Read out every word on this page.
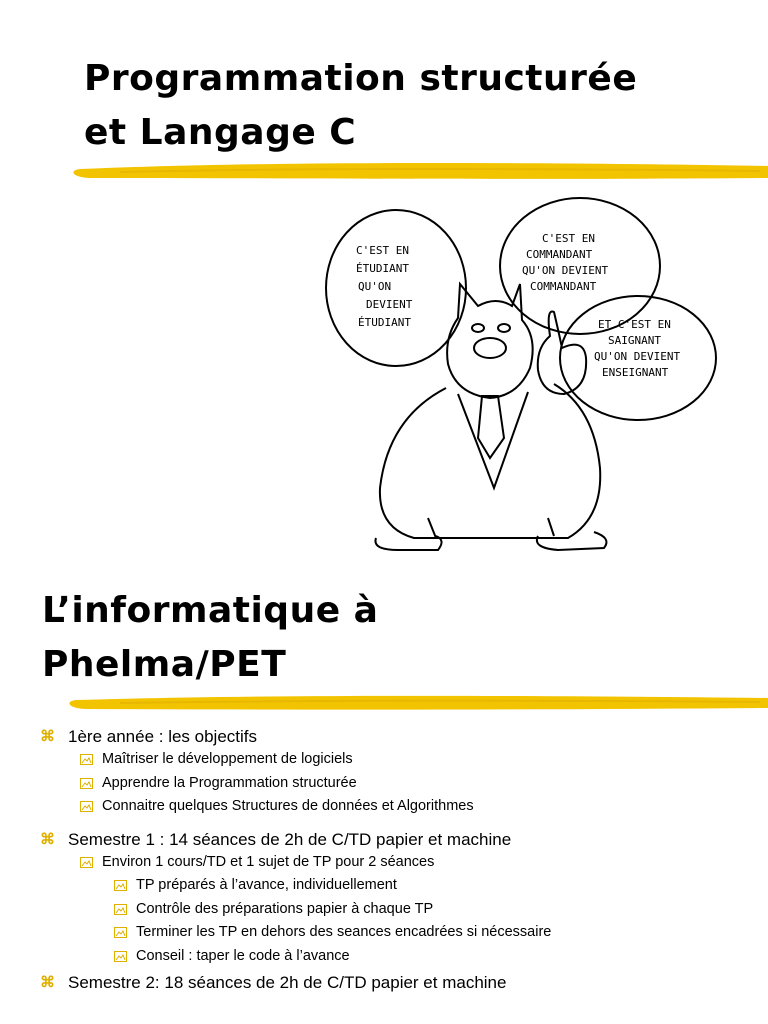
Programmation structurée
et Langage C
C'EST EN
ÉTUDIANT
QU'ON
DEVIENT
ÉTUDIANT
C'EST EN
COMMANDANT
QU'ON DEVIENT
COMMANDANT
ET C'EST EN
SAIGNANT
QU'ON DEVIENT
ENSEIGNANT
L’informatique à
Phelma/PET
⌘ 1ère année : les objectifs
Maîtriser le développement de logiciels
Apprendre la Programmation structurée
Connaitre quelques Structures de données et Algorithmes
⌘ Semestre 1 : 14 séances de 2h de C/TD papier et machine
Environ 1 cours/TD et 1 sujet de TP pour 2 séances
TP préparés à l’avance, individuellement
Contrôle des préparations papier à chaque TP
Terminer les TP en dehors des seances encadrées si nécessaire
Conseil : taper le code à l’avance
⌘ Semestre 2: 18 séances de 2h de C/TD papier et machine
